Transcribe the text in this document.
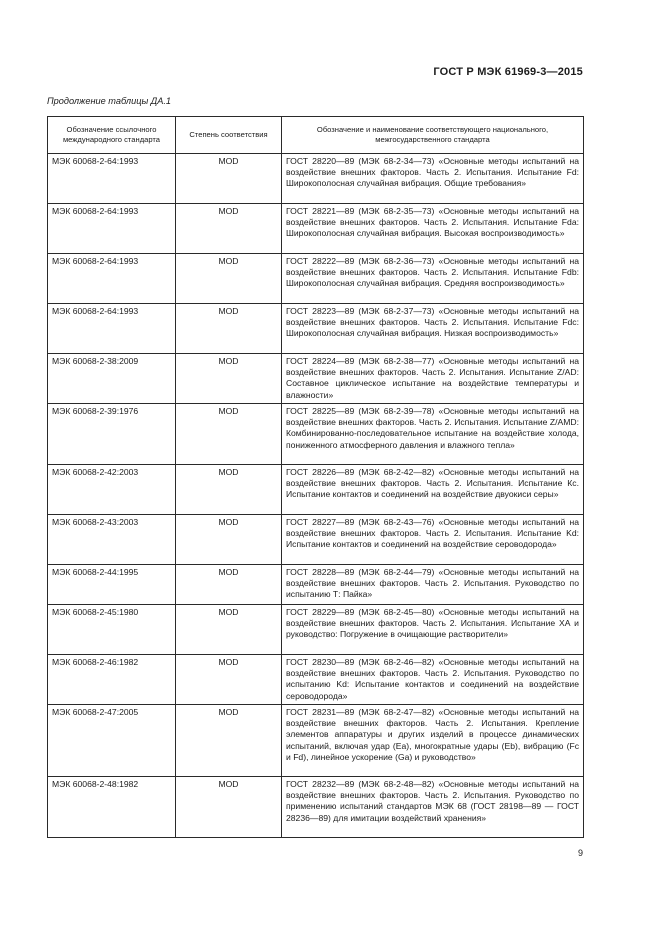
ГОСТ Р МЭК 61969-3—2015
Продолжение таблицы ДА.1
Обозначение ссылочного международного стандарта	Степень соответствия	Обозначение и наименование соответствующего национального, межгосударственного стандарта
МЭК 60068-2-64:1993	MOD	ГОСТ 28220—89 (МЭК 68-2-34—73) «Основные методы испытаний на воздействие внешних факторов. Часть 2. Испытания. Испытание Fd: Широкополосная случайная вибрация. Общие требования»
МЭК 60068-2-64:1993	MOD	ГОСТ 28221—89 (МЭК 68-2-35—73) «Основные методы испытаний на воздействие внешних факторов. Часть 2. Испытания. Испытание Fda: Широкополосная случайная вибрация. Высокая воспроизводимость»
МЭК 60068-2-64:1993	MOD	ГОСТ 28222—89 (МЭК 68-2-36—73) «Основные методы испытаний на воздействие внешних факторов. Часть 2. Испытания. Испытание Fdb: Широкополосная случайная вибрация. Средняя воспроизводимость»
МЭК 60068-2-64:1993	MOD	ГОСТ 28223—89 (МЭК 68-2-37—73) «Основные методы испытаний на воздействие внешних факторов. Часть 2. Испытания. Испытание Fdc: Широкополосная случайная вибрация. Низкая воспроизводимость»
МЭК 60068-2-38:2009	MOD	ГОСТ 28224—89 (МЭК 68-2-38—77) «Основные методы испытаний на воздействие внешних факторов. Часть 2. Испытания. Испытание Z/AD: Составное циклическое испытание на воздействие температуры и влажности»
МЭК 60068-2-39:1976	MOD	ГОСТ 28225—89 (МЭК 68-2-39—78) «Основные методы испытаний на воздействие внешних факторов. Часть 2. Испытания. Испытание Z/AMD: Комбинированно-последовательное испытание на воздействие холода, пониженного атмосферного давления и влажного тепла»
МЭК 60068-2-42:2003	MOD	ГОСТ 28226—89 (МЭК 68-2-42—82) «Основные методы испытаний на воздействие внешних факторов. Часть 2. Испытания. Испытание Кс. Испытание контактов и соединений на воздействие двуокиси серы»
МЭК 60068-2-43:2003	MOD	ГОСТ 28227—89 (МЭК 68-2-43—76) «Основные методы испытаний на воздействие внешних факторов. Часть 2. Испытания. Испытание Kd: Испытание контактов и соединений на воздействие сероводорода»
МЭК 60068-2-44:1995	MOD	ГОСТ 28228—89 (МЭК 68-2-44—79) «Основные методы испытаний на воздействие внешних факторов. Часть 2. Испытания. Руководство по испытанию Т: Пайка»
МЭК 60068-2-45:1980	MOD	ГОСТ 28229—89 (МЭК 68-2-45—80) «Основные методы испытаний на воздействие внешних факторов. Часть 2. Испытания. Испытание ХА и руководство: Погружение в очищающие растворители»
МЭК 60068-2-46:1982	MOD	ГОСТ 28230—89 (МЭК 68-2-46—82) «Основные методы испытаний на воздействие внешних факторов. Часть 2. Испытания. Руководство по испытанию Kd: Испытание контактов и соединений на воздействие сероводорода»
МЭК 60068-2-47:2005	MOD	ГОСТ 28231—89 (МЭК 68-2-47—82) «Основные методы испытаний на воздействие внешних факторов. Часть 2. Испытания. Крепление элементов аппаратуры и других изделий в процессе динамических испытаний, включая удар (Еа), многократные удары (Eb), вибрацию (Fc и Fd), линейное ускорение (Ga) и руководство»
МЭК 60068-2-48:1982	MOD	ГОСТ 28232—89 (МЭК 68-2-48—82) «Основные методы испытаний на воздействие внешних факторов. Часть 2. Испытания. Руководство по применению испытаний стандартов МЭК 68 (ГОСТ 28198—89 — ГОСТ 28236—89) для имитации воздействий хранения»
9
